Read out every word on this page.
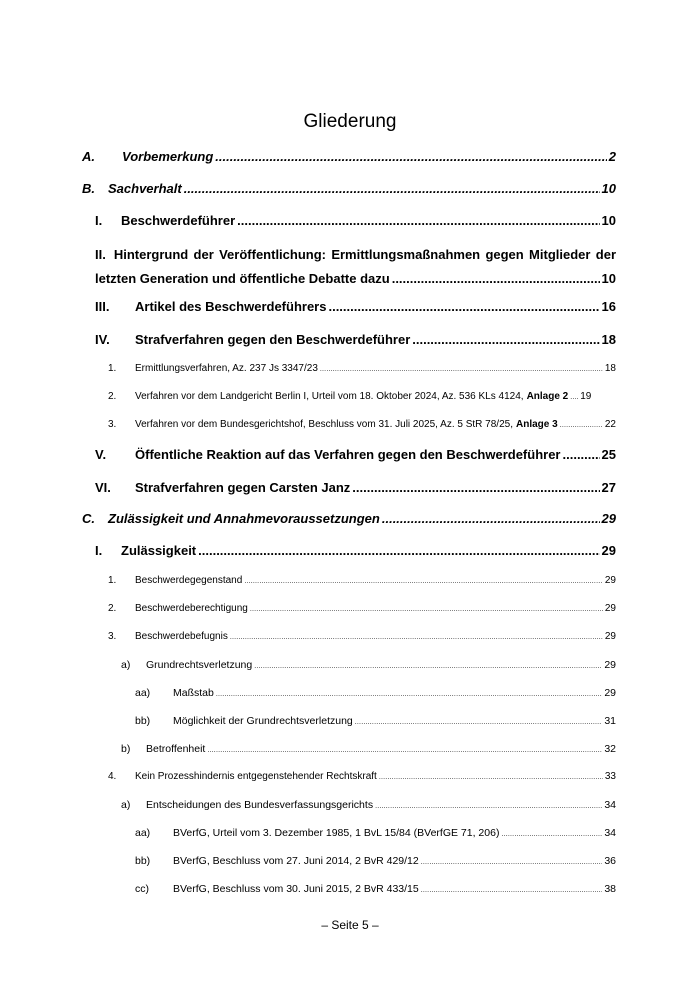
Gliederung
A.	Vorbemerkung .....	2
B.	Sachverhalt .....	10
I.	Beschwerdeführer .....	10
II. Hintergrund der Veröffentlichung: Ermittlungsmaßnahmen gegen Mitglieder der
letzten Generation und öffentliche Debatte dazu .....	10
III.	Artikel des Beschwerdeführers .....	16
IV.	Strafverfahren gegen den Beschwerdeführer .....	18
1.	Ermittlungsverfahren, Az. 237 Js 3347/23 .....	18
2.	Verfahren vor dem Landgericht Berlin I, Urteil vom 18. Oktober 2024, Az. 536 KLs 4124, Anlage 2 ..... 19
3.	Verfahren vor dem Bundesgerichtshof, Beschluss vom 31. Juli 2025, Az. 5 StR 78/25, Anlage 3 .....	22
V.	Öffentliche Reaktion auf das Verfahren gegen den Beschwerdeführer .....	25
VI.	Strafverfahren gegen Carsten Janz .....	27
C.	Zulässigkeit und Annahmevoraussetzungen .....	29
I.	Zulässigkeit .....	29
1.	Beschwerdegegenstand .....	29
2.	Beschwerdeberechtigung .....	29
3.	Beschwerdebefugnis .....	29
a)	Grundrechtsverletzung .....	29
aa)	Maßstab .....	29
bb)	Möglichkeit der Grundrechtsverletzung .....	31
b)	Betroffenheit .....	32
4.	Kein Prozesshindernis entgegenstehender Rechtskraft .....	33
a)	Entscheidungen des Bundesverfassungsgerichts .....	34
aa)	BVerfG, Urteil vom 3. Dezember 1985, 1 BvL 15/84 (BVerfGE 71, 206) .....	34
bb)	BVerfG, Beschluss vom 27. Juni 2014, 2 BvR 429/12 .....	36
cc)	BVerfG, Beschluss vom 30. Juni 2015, 2 BvR 433/15 .....	38
– Seite 5 –
